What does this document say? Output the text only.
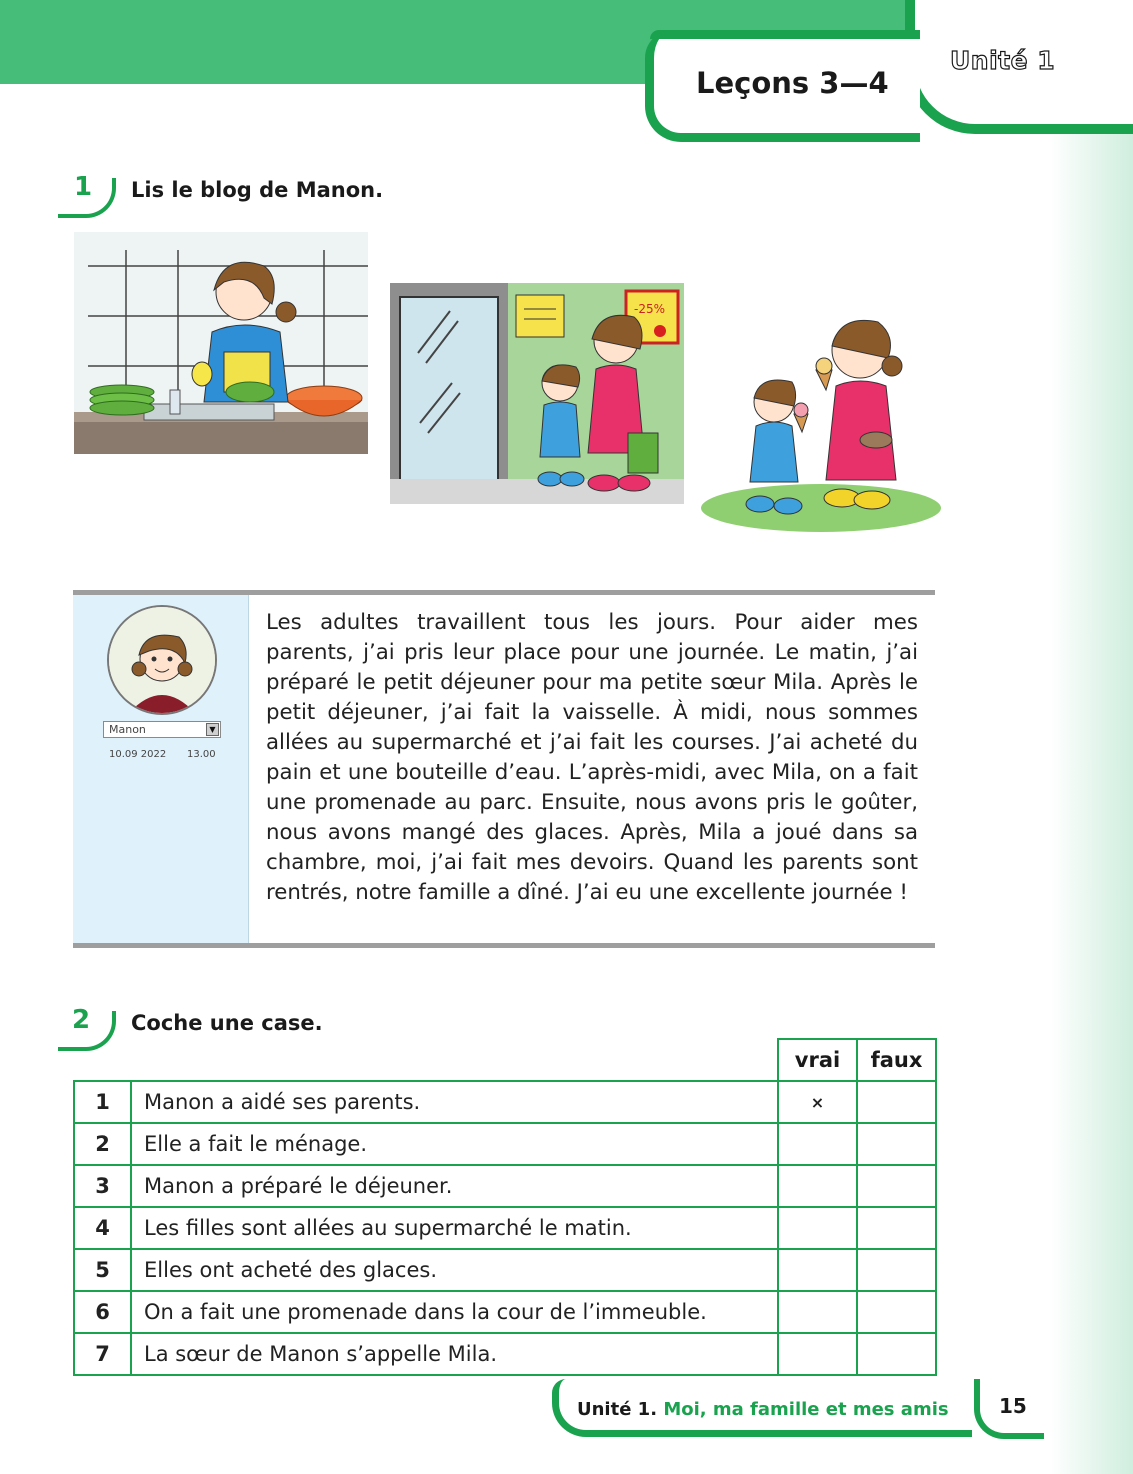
Unité 1
Leçons 3—4
1 Lis le blog de Manon.
-25%
Manon	▼
10.09 2022 13.00
Les adultes travaillent tous les jours. Pour aider mes parents, j’ai pris leur place pour une journée. Le matin, j’ai préparé le petit déjeuner pour ma petite sœur Mila. Après le petit déjeuner, j’ai fait la vaisselle. À midi, nous sommes allées au supermarché et j’ai fait les courses. J’ai acheté du pain et une bouteille d’eau. L’après-midi, avec Mila, on a fait une promenade au parc. Ensuite, nous avons pris le goûter, nous avons mangé des glaces. Après, Mila a joué dans sa chambre, moi, j’ai fait mes devoirs. Quand les parents sont rentrés, notre famille a dîné. J’ai eu une excellente journée !
2 Coche une case.
		vrai	faux
1	Manon a aidé ses parents.	×	
2	Elle a fait le ménage.		
3	Manon a préparé le déjeuner.		
4	Les filles sont allées au supermarché le matin.		
5	Elles ont acheté des glaces.		
6	On a fait une promenade dans la cour de l’immeuble.		
7	La sœur de Manon s’appelle Mila.		
Unité 1. Moi, ma famille et mes amis	15
